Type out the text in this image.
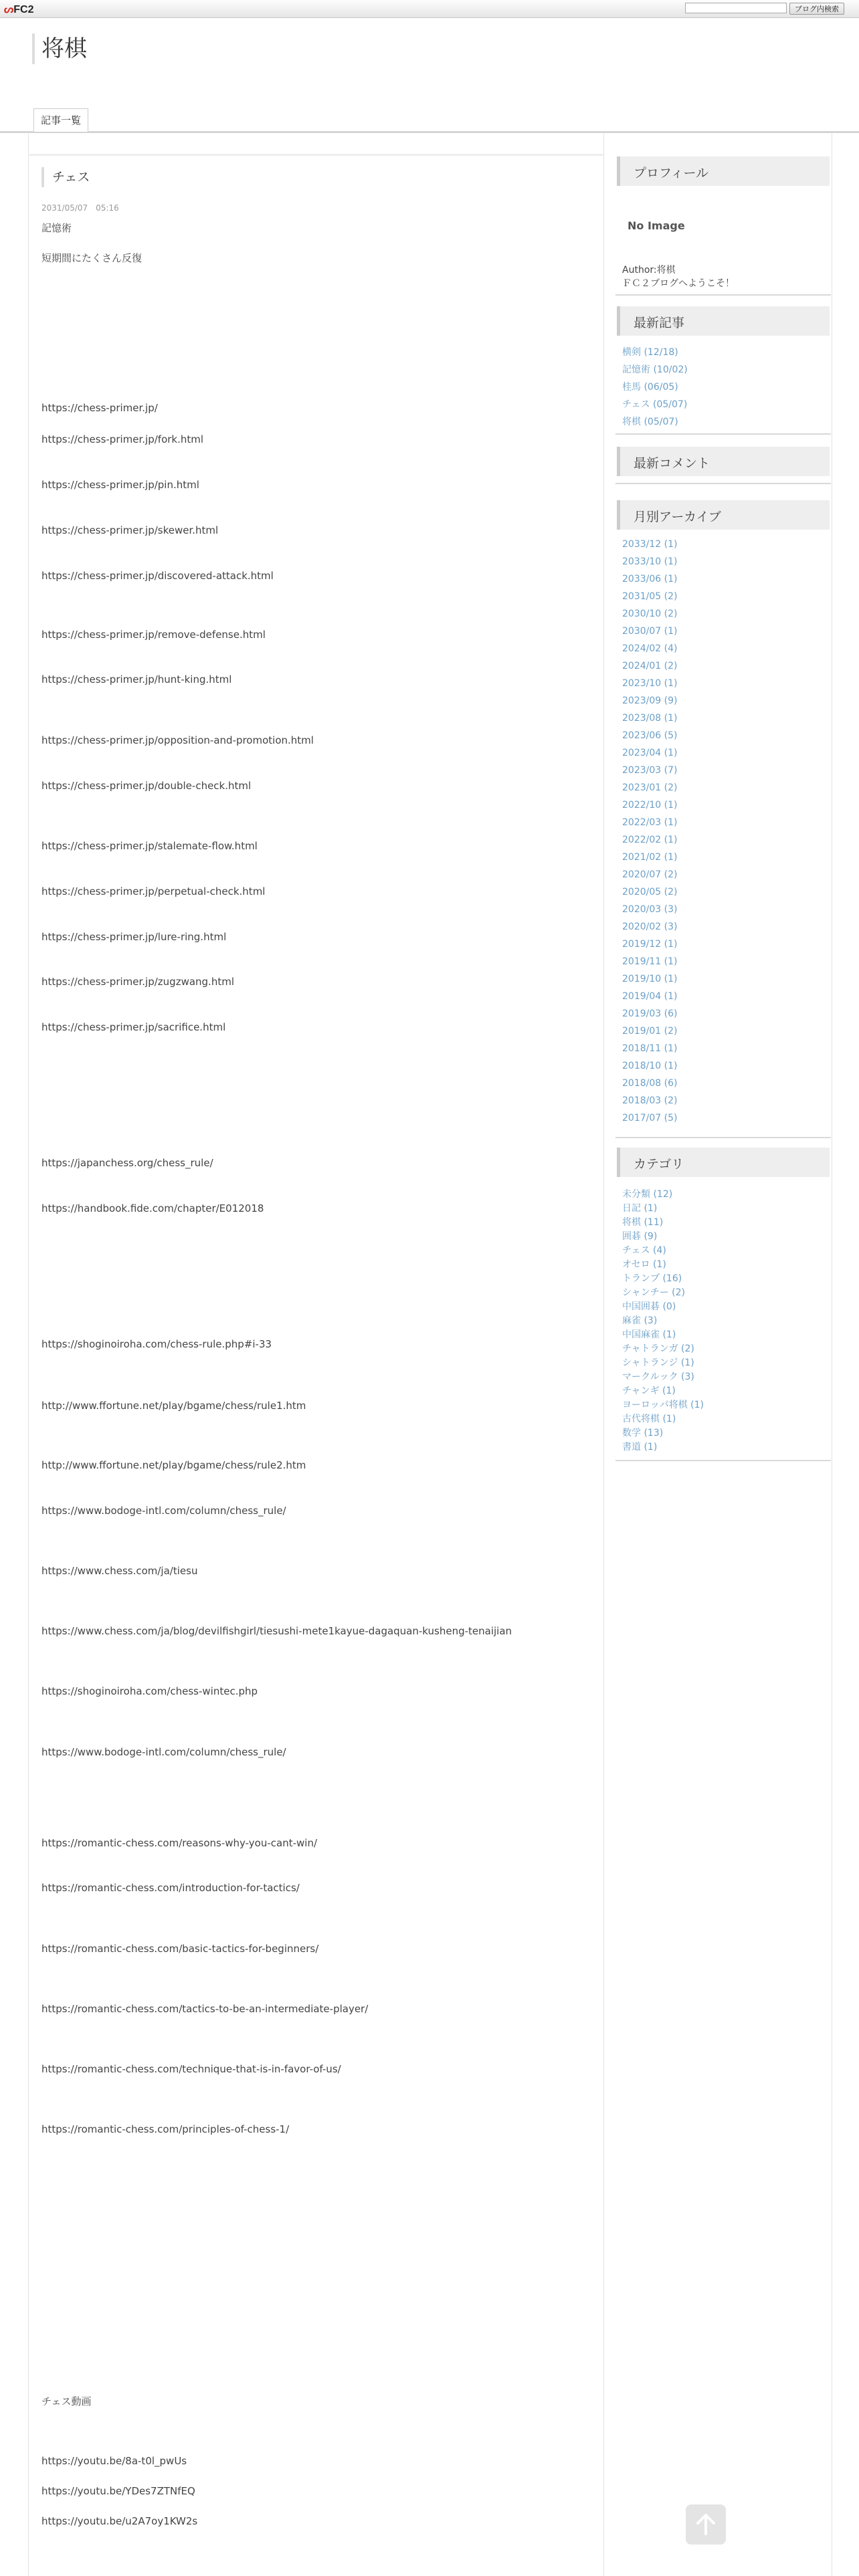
ᔕFC2	ブログ内検索
将棋
記事一覧
チェス
2031/05/07　05:16
記憶術
短期間にたくさん反復
https://chess-primer.jp/
https://chess-primer.jp/fork.html
https://chess-primer.jp/pin.html
https://chess-primer.jp/skewer.html
https://chess-primer.jp/discovered-attack.html
https://chess-primer.jp/remove-defense.html
https://chess-primer.jp/hunt-king.html
https://chess-primer.jp/opposition-and-promotion.html
https://chess-primer.jp/double-check.html
https://chess-primer.jp/stalemate-flow.html
https://chess-primer.jp/perpetual-check.html
https://chess-primer.jp/lure-ring.html
https://chess-primer.jp/zugzwang.html
https://chess-primer.jp/sacrifice.html
https://japanchess.org/chess_rule/
https://handbook.fide.com/chapter/E012018
https://shoginoiroha.com/chess-rule.php#i-33
http://www.ffortune.net/play/bgame/chess/rule1.htm
http://www.ffortune.net/play/bgame/chess/rule2.htm
https://www.bodoge-intl.com/column/chess_rule/
https://www.chess.com/ja/tiesu
https://www.chess.com/ja/blog/devilfishgirl/tiesushi-mete1kayue-dagaquan-kusheng-tenaijian
https://shoginoiroha.com/chess-wintec.php
https://www.bodoge-intl.com/column/chess_rule/
https://romantic-chess.com/reasons-why-you-cant-win/
https://romantic-chess.com/introduction-for-tactics/
https://romantic-chess.com/basic-tactics-for-beginners/
https://romantic-chess.com/tactics-to-be-an-intermediate-player/
https://romantic-chess.com/technique-that-is-in-favor-of-us/
https://romantic-chess.com/principles-of-chess-1/
チェス動画
https://youtu.be/8a-t0l_pwUs
https://youtu.be/YDes7ZTNfEQ
https://youtu.be/u2A7oy1KW2s
プロフィール
No Image
Author:将棋
ＦＣ２ブログへようこそ！
最新記事
横剣 (12/18)
記憶術 (10/02)
桂馬 (06/05)
チェス (05/07)
将棋 (05/07)
最新コメント
月別アーカイブ
2033/12 (1)
2033/10 (1)
2033/06 (1)
2031/05 (2)
2030/10 (2)
2030/07 (1)
2024/02 (4)
2024/01 (2)
2023/10 (1)
2023/09 (9)
2023/08 (1)
2023/06 (5)
2023/04 (1)
2023/03 (7)
2023/01 (2)
2022/10 (1)
2022/03 (1)
2022/02 (1)
2021/02 (1)
2020/07 (2)
2020/05 (2)
2020/03 (3)
2020/02 (3)
2019/12 (1)
2019/11 (1)
2019/10 (1)
2019/04 (1)
2019/03 (6)
2019/01 (2)
2018/11 (1)
2018/10 (1)
2018/08 (6)
2018/03 (2)
2017/07 (5)
カテゴリ
未分類 (12)
日記 (1)
将棋 (11)
囲碁 (9)
チェス (4)
オセロ (1)
トランプ (16)
シャンチー (2)
中国囲碁 (0)
麻雀 (3)
中国麻雀 (1)
チャトランガ (2)
シャトランジ (1)
マークルック (3)
チャンギ (1)
ヨーロッパ将棋 (1)
古代将棋 (1)
数学 (13)
書道 (1)
